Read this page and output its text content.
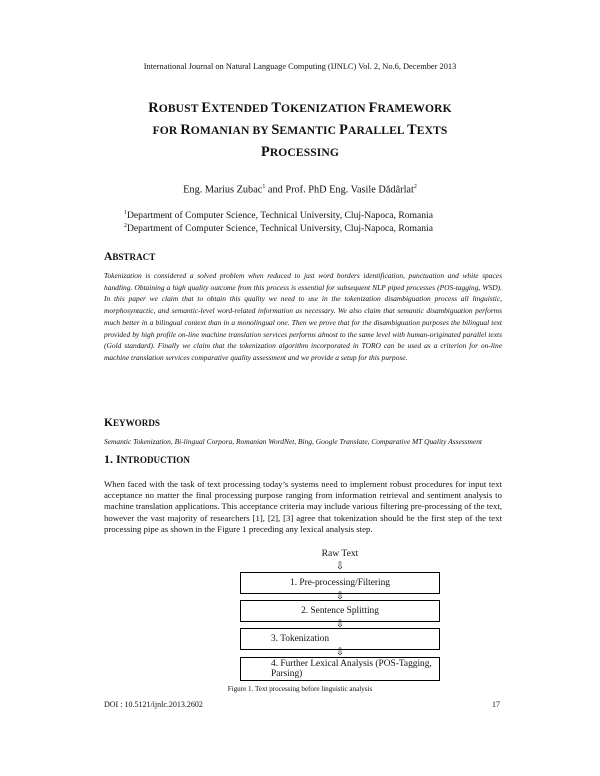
International Journal on Natural Language Computing (IJNLC) Vol. 2, No.6, December 2013
ROBUST EXTENDED TOKENIZATION FRAMEWORK
FOR ROMANIAN BY SEMANTIC PARALLEL TEXTS
PROCESSING
Eng. Marius Zubac$^1$ and Prof. PhD Eng. Vasile Dădârlat$^2$
$^1$Department of Computer Science, Technical University, Cluj-Napoca, Romania
$^2$Department of Computer Science, Technical University, Cluj-Napoca, Romania
ABSTRACT
Tokenization is considered a solved problem when reduced to just word borders identification, punctuation and white spaces handling. Obtaining a high quality outcome from this process is essential for subsequent NLP piped processes (POS-tagging, WSD). In this paper we claim that to obtain this quality we need to use in the tokenization disambiguation process all linguistic, morphosyntactic, and semantic-level word-related information as necessary. We also claim that semantic disambiguation performs much better in a bilingual context than in a monolingual one. Then we prove that for the disambiguation purposes the bilingual text provided by high profile on-line machine translation services performs almost to the same level with human-originated parallel texts (Gold standard). Finally we claim that the tokenization algorithm incorporated in TORO can be used as a criterion for on-line machine translation services comparative quality assessment and we provide a setup for this purpose.
KEYWORDS
Semantic Tokenization, Bi-lingual Corpora, Romanian WordNet, Bing, Google Translate, Comparative MT Quality Assessment
1. INTRODUCTION
When faced with the task of text processing today’s systems need to implement robust procedures for input text acceptance no matter the final processing purpose ranging from information retrieval and sentiment analysis to machine translation applications. This acceptance criteria may include various filtering pre-processing of the text, however the vast majority of researchers [1], [2], [3] agree that tokenization should be the first step of the text processing pipe as shown in the Figure 1 preceding any lexical analysis step.
Raw Text
⇩
1. Pre-processing/Filtering
⇩
2. Sentence Splitting
⇩
3. Tokenization
⇩
4. Further Lexical Analysis (POS-Tagging, Parsing)
Figure 1. Text processing before linguistic analysis
DOI : 10.5121/ijnlc.2013.2602	17
